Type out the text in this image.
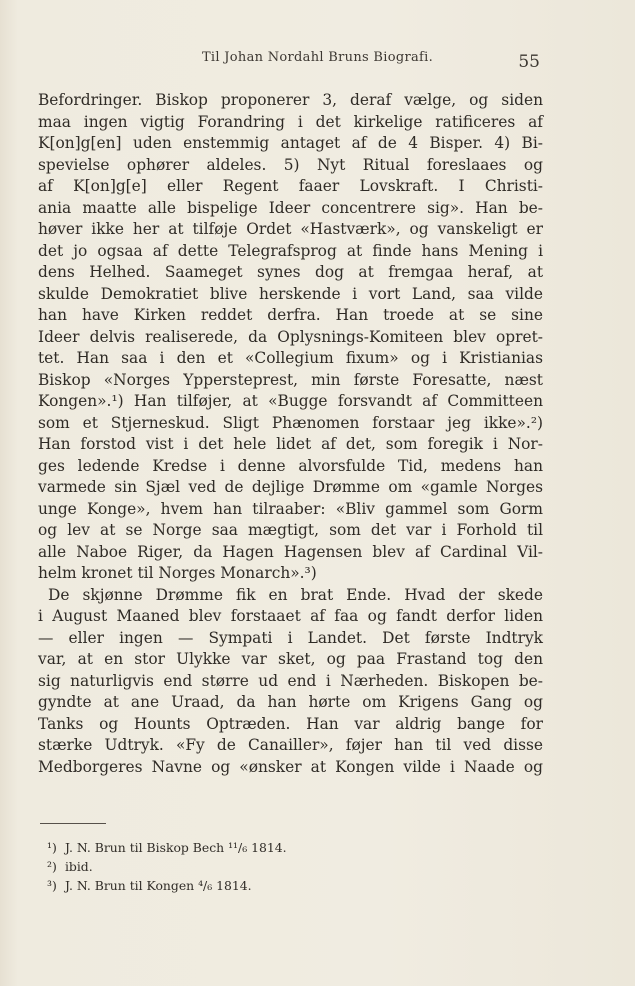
Til Johan Nordahl Bruns Biografi.	55
Befordringer. Biskop proponerer 3, deraf vælge, og siden
maa ingen vigtig Forandring i det kirkelige ratificeres af
K[on]g[en] uden enstemmig antaget af de 4 Bisper. 4) Bi-
spevielse ophører aldeles. 5) Nyt Ritual foreslaaes og
af K[on]g[e] eller Regent faaer Lovskraft. I Christi-
ania maatte alle bispelige Ideer concentrere sig». Han be-
høver ikke her at tilføje Ordet «Hastværk», og vanskeligt er
det jo ogsaa af dette Telegrafsprog at finde hans Mening i
dens Helhed. Saameget synes dog at fremgaa heraf, at
skulde Demokratiet blive herskende i vort Land, saa vilde
han have Kirken reddet derfra. Han troede at se sine
Ideer delvis realiserede, da Oplysnings-Komiteen blev opret-
tet. Han saa i den et «Collegium fixum» og i Kristianias
Biskop «Norges Yppersteprest, min første Foresatte, næst
Kongen».¹) Han tilføjer, at «Bugge forsvandt af Committeen
som et Stjerneskud. Sligt Phænomen forstaar jeg ikke».²)
Han forstod vist i det hele lidet af det, som foregik i Nor-
ges ledende Kredse i denne alvorsfulde Tid, medens han
varmede sin Sjæl ved de dejlige Drømme om «gamle Norges
unge Konge», hvem han tilraaber: «Bliv gammel som Gorm
og lev at se Norge saa mægtigt, som det var i Forhold til
alle Naboe Riger, da Hagen Hagensen blev af Cardinal Vil-
helm kronet til Norges Monarch».³)
De skjønne Drømme fik en brat Ende. Hvad der skede
i August Maaned blev forstaaet af faa og fandt derfor liden
— eller ingen — Sympati i Landet. Det første Indtryk
var, at en stor Ulykke var sket, og paa Frastand tog den
sig naturligvis end større ud end i Nærheden. Biskopen be-
gyndte at ane Uraad, da han hørte om Krigens Gang og
Tanks og Hounts Optræden. Han var aldrig bange for
stærke Udtryk. «Fy de Canailler», føjer han til ved disse
Medborgeres Navne og «ønsker at Kongen vilde i Naade og
¹) J. N. Brun til Biskop Bech ¹¹/₆ 1814.
²) ibid.
³) J. N. Brun til Kongen ⁴/₆ 1814.
